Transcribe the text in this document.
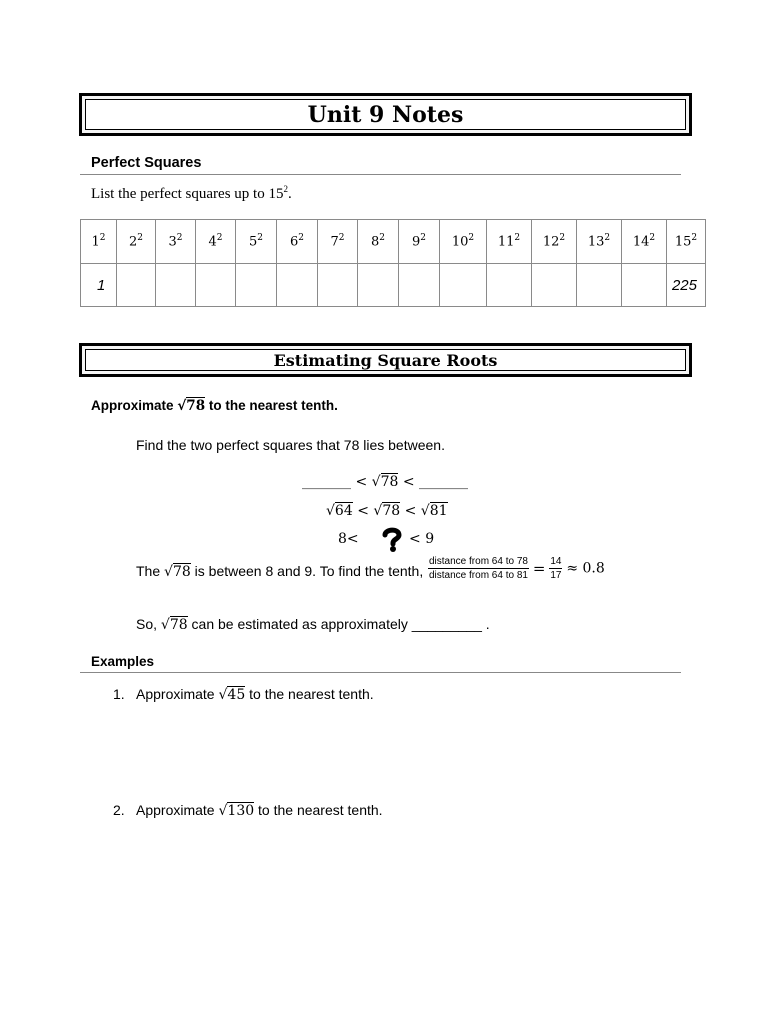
Unit 9 Notes
Perfect Squares
List the perfect squares up to $15^2$.
$1^2$	$2^2$	$3^2$	$4^2$	$5^2$	$6^2$	$7^2$	$8^2$	$9^2$	$10^2$	$11^2$	$12^2$	$13^2$	$14^2$	$15^2$
1														225
Estimating Square Roots
Approximate √78 to the nearest tenth.
Find the two perfect squares that 78 lies between.
_______ < √78 < _______
√64 < √78 < √81
8<	< 9
The √78 is between 8 and 9. To find the tenth, $\frac{\text{distance from 64 to 78}}{\text{distance from 64 to 81}} = \frac{14}{17} \approx 0.8$
So, √78 can be estimated as approximately _________ .
Examples
1. Approximate √45 to the nearest tenth.
2. Approximate √130 to the nearest tenth.
